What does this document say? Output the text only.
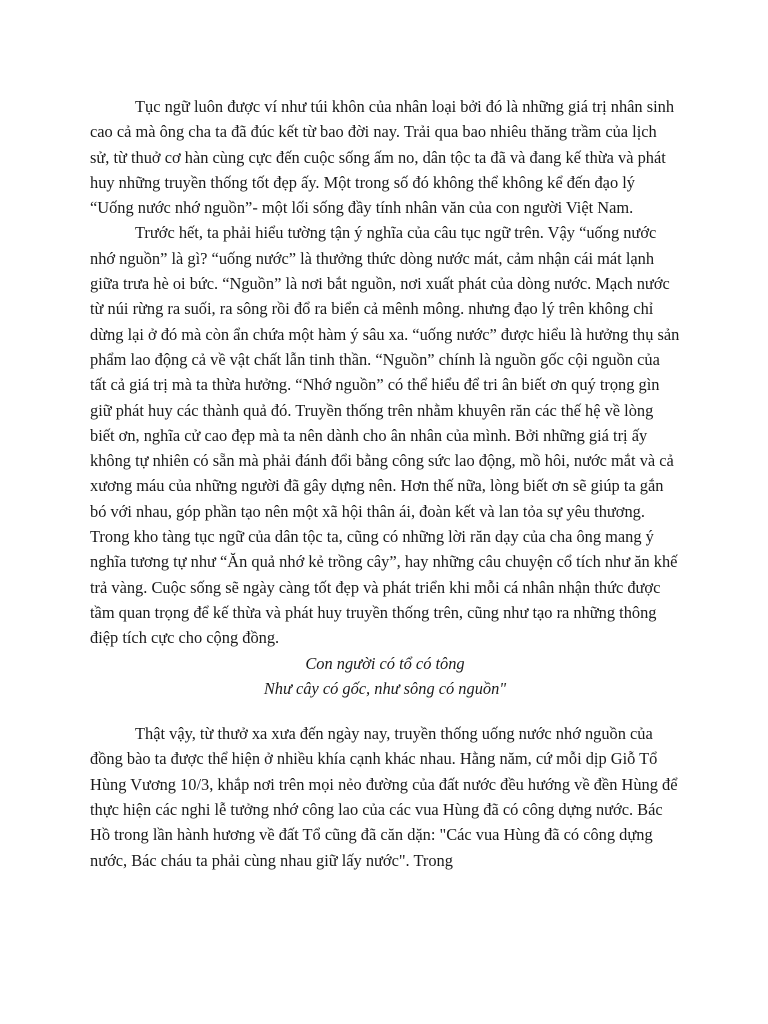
Tục ngữ luôn được ví như túi khôn của nhân loại bởi đó là những giá trị nhân sinh cao cả mà ông cha ta đã đúc kết từ bao đời nay. Trải qua bao nhiêu thăng trầm của lịch sử, từ thuở cơ hàn cùng cực đến cuộc sống ấm no, dân tộc ta đã và đang kế thừa và phát huy những truyền thống tốt đẹp ấy. Một trong số đó không thể không kể đến đạo lý “Uống nước nhớ nguồn”- một lối sống đầy tính nhân văn của con người Việt Nam.

Trước hết, ta phải hiểu tường tận ý nghĩa của câu tục ngữ trên. Vậy “uống nước nhớ nguồn” là gì? “uống nước” là thưởng thức dòng nước mát, cảm nhận cái mát lạnh giữa trưa hè oi bức. “Nguồn” là nơi bắt nguồn, nơi xuất phát của dòng nước. Mạch nước từ núi rừng ra suối, ra sông rồi đổ ra biển cả mênh mông. nhưng đạo lý trên không chỉ dừng lại ở đó mà còn ẩn chứa một hàm ý sâu xa. “uống nước” được hiểu là hưởng thụ sản phẩm lao động cả về vật chất lẫn tinh thần. “Nguồn” chính là nguồn gốc cội nguồn của tất cả giá trị mà ta thừa hưởng. “Nhớ nguồn” có thể hiểu để tri ân biết ơn quý trọng gìn giữ phát huy các thành quả đó. Truyền thống trên nhằm khuyên răn các thế hệ về lòng biết ơn, nghĩa cử cao đẹp mà ta nên dành cho ân nhân của mình. Bởi những giá trị ấy không tự nhiên có sẵn mà phải đánh đổi bằng công sức lao động, mồ hôi, nước mắt và cả xương máu của những người đã gây dựng nên. Hơn thế nữa, lòng biết ơn sẽ giúp ta gắn bó với nhau, góp phần tạo nên một xã hội thân ái, đoàn kết và lan tỏa sự yêu thương. Trong kho tàng tục ngữ của dân tộc ta, cũng có những lời răn dạy của cha ông mang ý nghĩa tương tự như “Ăn quả nhớ kẻ trồng cây”, hay những câu chuyện cổ tích như ăn khế trả vàng. Cuộc sống sẽ ngày càng tốt đẹp và phát triển khi mỗi cá nhân nhận thức được tầm quan trọng để kế thừa và phát huy truyền thống trên, cũng như tạo ra những thông điệp tích cực cho cộng đồng.

Con người có tổ có tông

Như cây có gốc, như sông có nguồn"

Thật vậy, từ thưở xa xưa đến ngày nay, truyền thống uống nước nhớ nguồn của đồng bào ta được thể hiện ở nhiều khía cạnh khác nhau. Hằng năm, cứ mỗi dịp Giỗ Tổ Hùng Vương 10/3, khắp nơi trên mọi nẻo đường của đất nước đều hướng về đền Hùng để thực hiện các nghi lễ tưởng nhớ công lao của các vua Hùng đã có công dựng nước. Bác Hồ trong lần hành hương về đất Tổ cũng đã căn dặn: "Các vua Hùng đã có công dựng nước, Bác cháu ta phải cùng nhau giữ lấy nước". Trong
